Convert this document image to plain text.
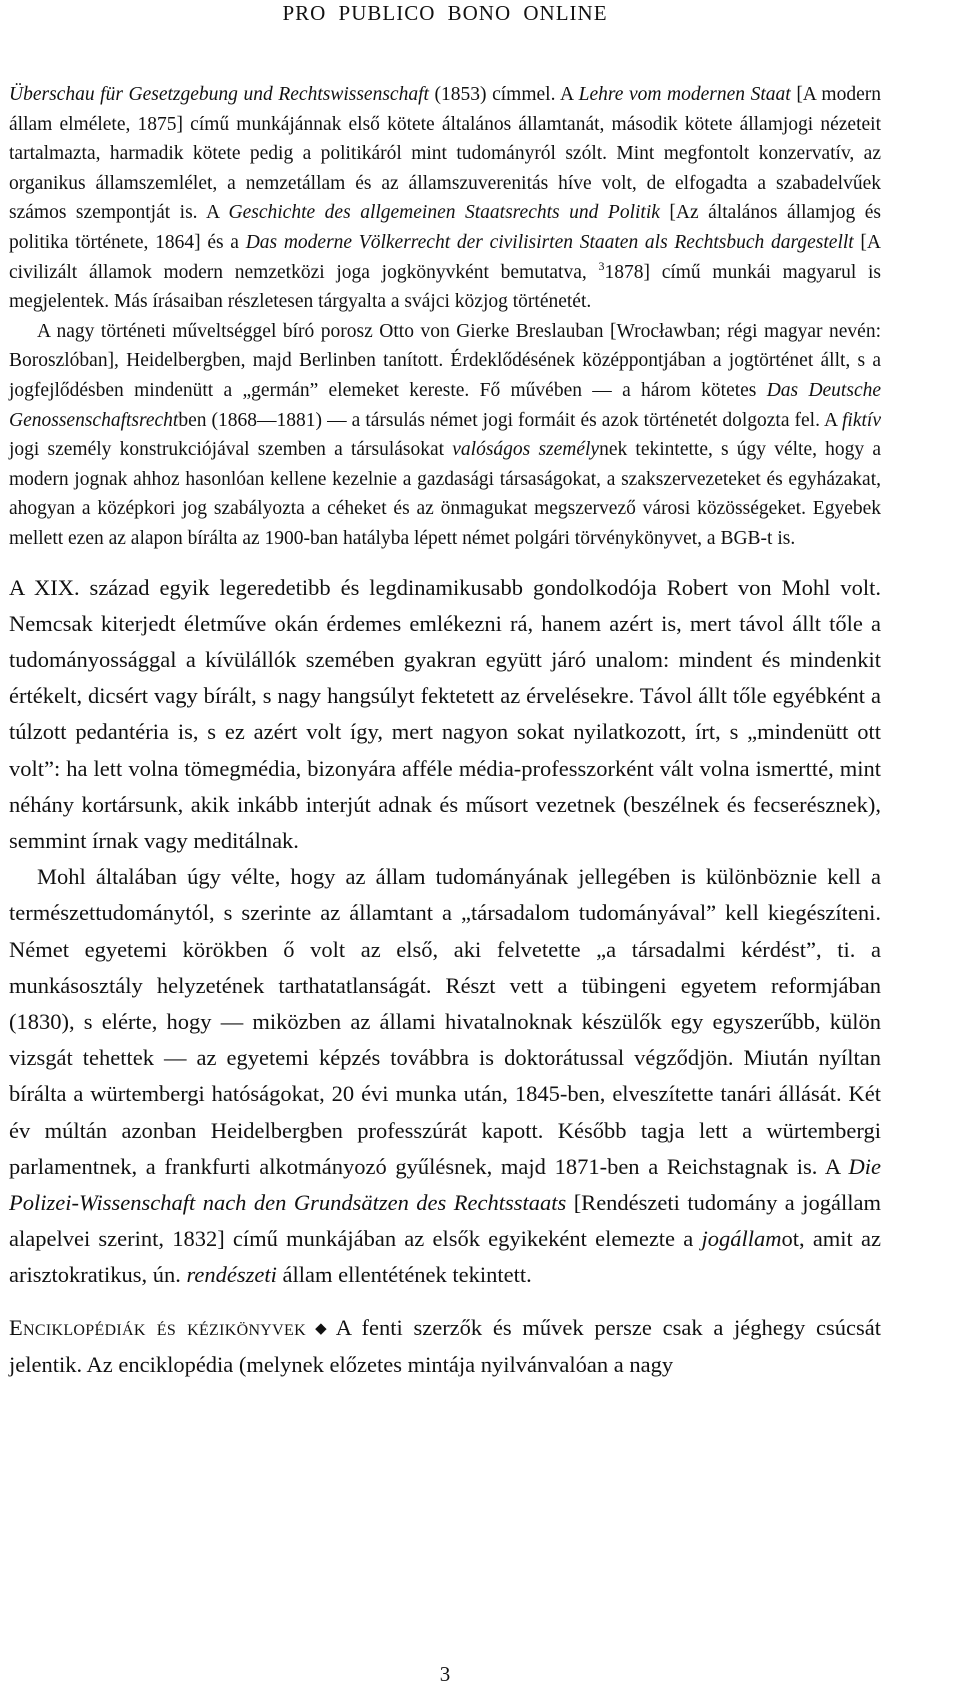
PRO PUBLICO BONO ONLINE

Überschau für Gesetzgebung und Rechtswissenschaft (1853) címmel. A Lehre vom modernen Staat [A modern állam elmélete, 1875] című munkájánnak első kötete általános államtanát, második kötete államjogi nézeteit tartalmazta, harmadik kötete pedig a politikáról mint tudományról szólt. Mint megfontolt konzervatív, az organikus államszemlélet, a nemzetállam és az államszuverenitás híve volt, de elfogadta a szabadelvűek számos szempontját is. A Geschichte des allgemeinen Staatsrechts und Politik [Az általános államjog és politika története, 1864] és a Das moderne Völkerrecht der civilisirten Staaten als Rechtsbuch dargestellt [A civilizált államok modern nemzetközi joga jogkönyvként bemutatva, $^3$1878] című munkái magyarul is megjelentek. Más írásaiban részletesen tárgyalta a svájci közjog történetét.

A nagy történeti műveltséggel bíró porosz Otto von Gierke Breslauban [Wrocławban; régi magyar nevén: Boroszlóban], Heidelbergben, majd Berlinben tanított. Érdeklődésének középpontjában a jogtörténet állt, s a jogfejlődésben mindenütt a „germán” elemeket kereste. Fő művében — a három kötetes Das Deutsche Genossenschaftsrechtben (1868—1881) — a társulás német jogi formáit és azok történetét dolgozta fel. A fiktív jogi személy konstrukciójával szemben a társulásokat valóságos személynek tekintette, s úgy vélte, hogy a modern jognak ahhoz hasonlóan kellene kezelnie a gazdasági társaságokat, a szakszervezeteket és egyházakat, ahogyan a középkori jog szabályozta a céheket és az önmagukat megszervező városi közösségeket. Egyebek mellett ezen az alapon bírálta az 1900-ban hatályba lépett német polgári törvénykönyvet, a BGB-t is.

A XIX. század egyik legeredetibb és legdinamikusabb gondolkodója Robert von Mohl volt. Nemcsak kiterjedt életműve okán érdemes emlékezni rá, hanem azért is, mert távol állt tőle a tudományossággal a kívülállók szemében gyakran együtt járó unalom: mindent és mindenkit értékelt, dicsért vagy bírált, s nagy hangsúlyt fektetett az érvelésekre. Távol állt tőle egyébként a túlzott pedantéria is, s ez azért volt így, mert nagyon sokat nyilatkozott, írt, s „mindenütt ott volt”: ha lett volna tömegmédia, bizonyára afféle média-professzorként vált volna ismertté, mint néhány kortársunk, akik inkább interjút adnak és műsort vezetnek (beszélnek és fecserésznek), semmint írnak vagy meditálnak.

Mohl általában úgy vélte, hogy az állam tudományának jellegében is különböznie kell a természettudománytól, s szerinte az államtant a „társadalom tudományával” kell kiegészíteni. Német egyetemi körökben ő volt az első, aki felvetette „a társadalmi kérdést”, ti. a munkásosztály helyzetének tarthatatlanságát. Részt vett a tübingeni egyetem reformjában (1830), s elérte, hogy — miközben az állami hivatalnoknak készülők egy egyszerűbb, külön vizsgát tehettek — az egyetemi képzés továbbra is doktorátussal végződjön. Miután nyíltan bírálta a würtembergi hatóságokat, 20 évi munka után, 1845-ben, elveszítette tanári állását. Két év múltán azonban Heidelbergben professzúrát kapott. Később tagja lett a würtembergi parlamentnek, a frankfurti alkotmányozó gyűlésnek, majd 1871-ben a Reichstagnak is. A Die Polizei-Wissenschaft nach den Grundsätzen des Rechtsstaats [Rendészeti tudomány a jogállam alapelvei szerint, 1832] című munkájában az elsők egyikeként elemezte a jogállamot, amit az arisztokratikus, ún. rendészeti állam ellentétének tekintett.

Enciklopédiák és kézikönyvek ◆ A fenti szerzők és művek persze csak a jéghegy csúcsát jelentik. Az enciklopédia (melynek előzetes mintája nyilvánvalóan a nagy

3
